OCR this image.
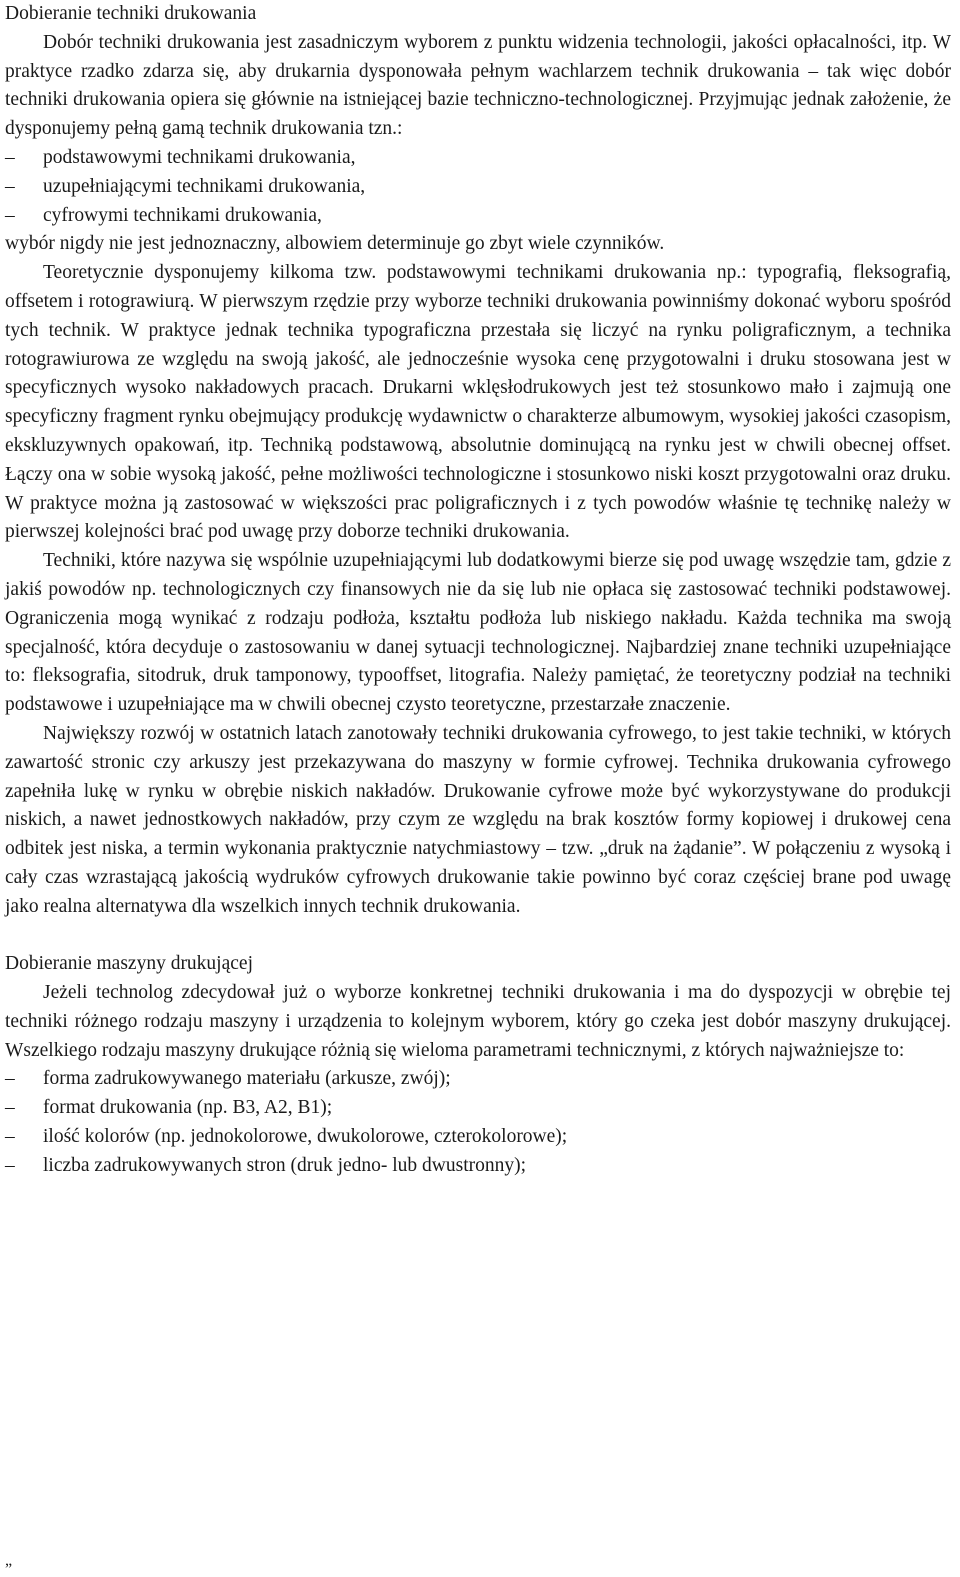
Dobieranie techniki drukowania

Dobór techniki drukowania jest zasadniczym wyborem z punktu widzenia technologii, jakości opłacalności, itp. W praktyce rzadko zdarza się, aby drukarnia dysponowała pełnym wachlarzem technik drukowania – tak więc dobór techniki drukowania opiera się głównie na istniejącej bazie techniczno-technologicznej. Przyjmując jednak założenie, że dysponujemy pełną gamą technik drukowania tzn.:

–	podstawowymi technikami drukowania,
–	uzupełniającymi technikami drukowania,
–	cyfrowymi technikami drukowania,

wybór nigdy nie jest jednoznaczny, albowiem determinuje go zbyt wiele czynników.

Teoretycznie dysponujemy kilkoma tzw. podstawowymi technikami drukowania np.: typografią, fleksografią, offsetem i rotograwiurą. W pierwszym rzędzie przy wyborze techniki drukowania powinniśmy dokonać wyboru spośród tych technik. W praktyce jednak technika typograficzna przestała się liczyć na rynku poligraficznym, a technika rotograwiurowa ze względu na swoją jakość, ale jednocześnie wysoka cenę przygotowalni i druku stosowana jest w specyficznych wysoko nakładowych pracach. Drukarni wklęsłodrukowych jest też stosunkowo mało i zajmują one specyficzny fragment rynku obejmujący produkcję wydawnictw o charakterze albumowym, wysokiej jakości czasopism, ekskluzywnych opakowań, itp. Techniką podstawową, absolutnie dominującą na rynku jest w chwili obecnej offset. Łączy ona w sobie wysoką jakość, pełne możliwości technologiczne i stosunkowo niski koszt przygotowalni oraz druku. W praktyce można ją zastosować w większości prac poligraficznych i z tych powodów właśnie tę technikę należy w pierwszej kolejności brać pod uwagę przy doborze techniki drukowania.

Techniki, które nazywa się wspólnie uzupełniającymi lub dodatkowymi bierze się pod uwagę wszędzie tam, gdzie z jakiś powodów np. technologicznych czy finansowych nie da się lub nie opłaca się zastosować techniki podstawowej. Ograniczenia mogą wynikać z rodzaju podłoża, kształtu podłoża lub niskiego nakładu. Każda technika ma swoją specjalność, która decyduje o zastosowaniu w danej sytuacji technologicznej. Najbardziej znane techniki uzupełniające to: fleksografia, sitodruk, druk tamponowy, typooffset, litografia. Należy pamiętać, że teoretyczny podział na techniki podstawowe i uzupełniające ma w chwili obecnej czysto teoretyczne, przestarzałe znaczenie.

Największy rozwój w ostatnich latach zanotowały techniki drukowania cyfrowego, to jest takie techniki, w których zawartość stronic czy arkuszy jest przekazywana do maszyny w formie cyfrowej. Technika drukowania cyfrowego zapełniła lukę w rynku w obrębie niskich nakładów. Drukowanie cyfrowe może być wykorzystywane do produkcji niskich, a nawet jednostkowych nakładów, przy czym ze względu na brak kosztów formy kopiowej i drukowej cena odbitek jest niska, a termin wykonania praktycznie natychmiastowy – tzw. „druk na żądanie”. W połączeniu z wysoką i cały czas wzrastającą jakością wydruków cyfrowych drukowanie takie powinno być coraz częściej brane pod uwagę jako realna alternatywa dla wszelkich innych technik drukowania.

Dobieranie maszyny drukującej

Jeżeli technolog zdecydował już o wyborze konkretnej techniki drukowania i ma do dyspozycji w obrębie tej techniki różnego rodzaju maszyny i urządzenia to kolejnym wyborem, który go czeka jest dobór maszyny drukującej. Wszelkiego rodzaju maszyny drukujące różnią się wieloma parametrami technicznymi, z których najważniejsze to:

–	forma zadrukowywanego materiału (arkusze, zwój);
–	format drukowania (np. B3, A2, B1);
–	ilość kolorów (np. jednokolorowe, dwukolorowe, czterokolorowe);
–	liczba zadrukowywanych stron (druk jedno- lub dwustronny);
„
